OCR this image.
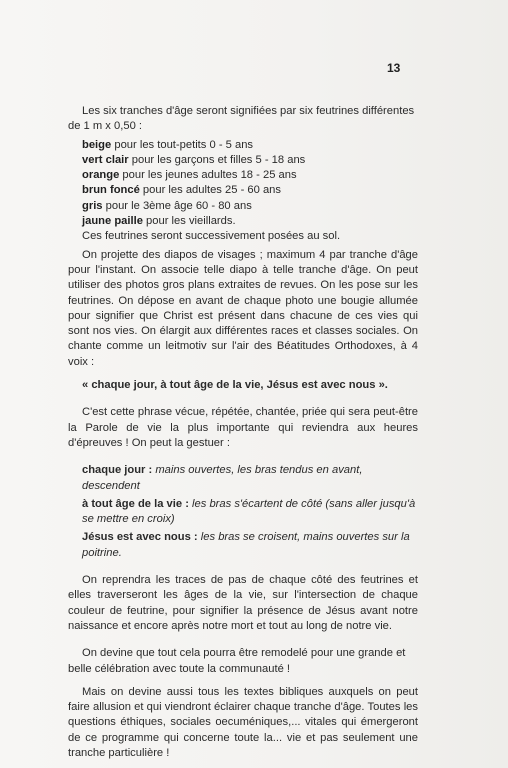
13

Les six tranches d'âge seront signifiées par six feutrines différentes de 1 m x 0,50 :

beige pour les tout-petits 0 - 5 ans
vert clair pour les garçons et filles 5 - 18 ans
orange pour les jeunes adultes 18 - 25 ans
brun foncé pour les adultes 25 - 60 ans
gris pour le 3ème âge 60 - 80 ans
jaune paille pour les vieillards.

Ces feutrines seront successivement posées au sol.

On projette des diapos de visages ; maximum 4 par tranche d'âge pour l'instant. On associe telle diapo à telle tranche d'âge. On peut utiliser des photos gros plans extraites de revues. On les pose sur les feutrines. On dépose en avant de chaque photo une bougie allumée pour signifier que Christ est présent dans chacune de ces vies qui sont nos vies. On élargit aux différentes races et classes sociales. On chante comme un leitmotiv sur l'air des Béatitudes Orthodoxes, à 4 voix :

« chaque jour, à tout âge de la vie, Jésus est avec nous ».

C'est cette phrase vécue, répétée, chantée, priée qui sera peut-être la Parole de vie la plus importante qui reviendra aux heures d'épreuves ! On peut la gestuer :

chaque jour : mains ouvertes, les bras tendus en avant, descendent

à tout âge de la vie : les bras s'écartent de côté (sans aller jusqu'à se mettre en croix)

Jésus est avec nous : les bras se croisent, mains ouvertes sur la poitrine.

On reprendra les traces de pas de chaque côté des feutrines et elles traverseront les âges de la vie, sur l'intersection de chaque couleur de feutrine, pour signifier la présence de Jésus avant notre naissance et encore après notre mort et tout au long de notre vie.

On devine que tout cela pourra être remodelé pour une grande et belle célébration avec toute la communauté !

Mais on devine aussi tous les textes bibliques auxquels on peut faire allusion et qui viendront éclairer chaque tranche d'âge. Toutes les questions éthiques, sociales oecuméniques,... vitales qui émergeront de ce programme qui concerne toute la... vie et pas seulement une tranche particulière !
